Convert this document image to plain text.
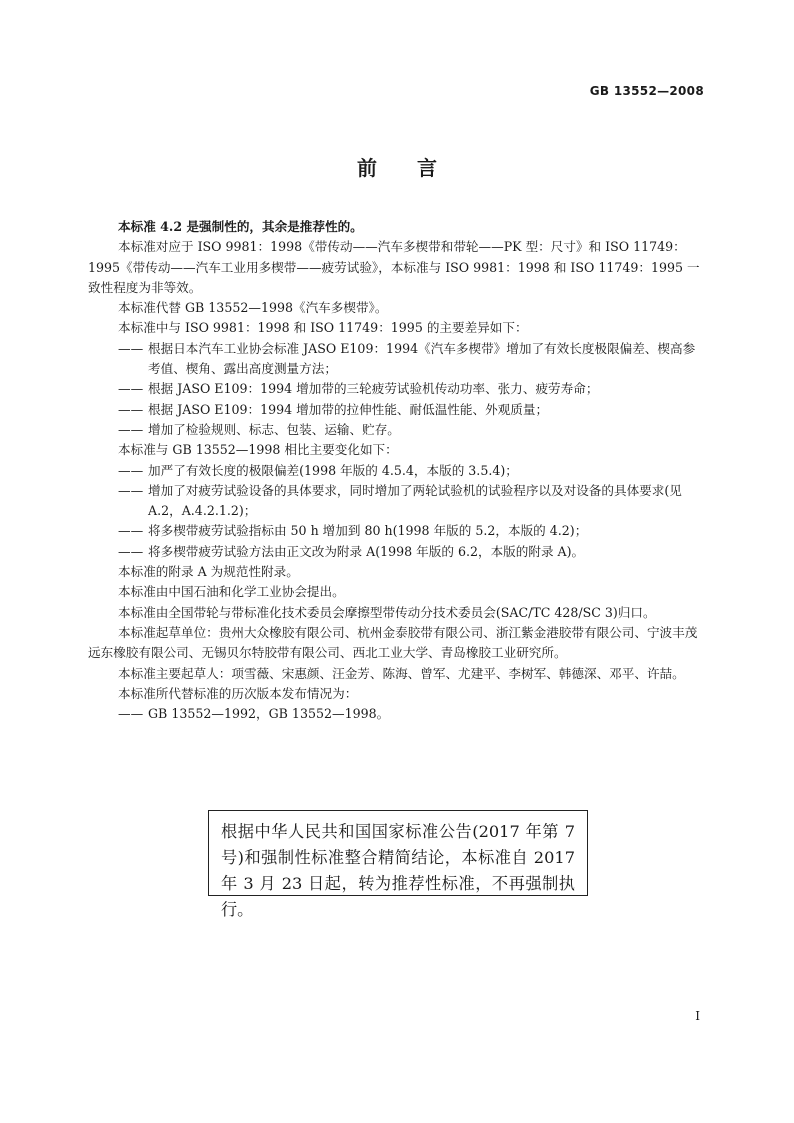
GB 13552—2008
前言

本标准 4.2 是强制性的，其余是推荐性的。

本标准对应于 ISO 9981：1998《带传动——汽车多楔带和带轮——PK 型：尺寸》和 ISO 11749：1995《带传动——汽车工业用多楔带——疲劳试验》，本标准与 ISO 9981：1998 和 ISO 11749：1995 一致性程度为非等效。

本标准代替 GB 13552—1998《汽车多楔带》。

本标准中与 ISO 9981：1998 和 ISO 11749：1995 的主要差异如下：

—— 根据日本汽车工业协会标准 JASO E109：1994《汽车多楔带》增加了有效长度极限偏差、楔高参考值、楔角、露出高度测量方法；

—— 根据 JASO E109：1994 增加带的三轮疲劳试验机传动功率、张力、疲劳寿命；

—— 根据 JASO E109：1994 增加带的拉伸性能、耐低温性能、外观质量；

—— 增加了检验规则、标志、包装、运输、贮存。

本标准与 GB 13552—1998 相比主要变化如下：

—— 加严了有效长度的极限偏差(1998 年版的 4.5.4，本版的 3.5.4)；

—— 增加了对疲劳试验设备的具体要求，同时增加了两轮试验机的试验程序以及对设备的具体要求(见 A.2，A.4.2.1.2)；

—— 将多楔带疲劳试验指标由 50 h 增加到 80 h(1998 年版的 5.2，本版的 4.2)；

—— 将多楔带疲劳试验方法由正文改为附录 A(1998 年版的 6.2，本版的附录 A)。

本标准的附录 A 为规范性附录。

本标准由中国石油和化学工业协会提出。

本标准由全国带轮与带标准化技术委员会摩擦型带传动分技术委员会(SAC/TC 428/SC 3)归口。

本标准起草单位：贵州大众橡胶有限公司、杭州金泰胶带有限公司、浙江紫金港胶带有限公司、宁波丰茂远东橡胶有限公司、无锡贝尔特胶带有限公司、西北工业大学、青岛橡胶工业研究所。

本标准主要起草人：项雪薇、宋惠颜、汪金芳、陈海、曾军、尤建平、李树军、韩德深、邓平、许喆。

本标准所代替标准的历次版本发布情况为：

—— GB 13552—1992，GB 13552—1998。

根据中华人民共和国国家标准公告(2017 年第 7 号)和强制性标准整合精简结论，本标准自 2017 年 3 月 23 日起，转为推荐性标准，不再强制执行。
I
